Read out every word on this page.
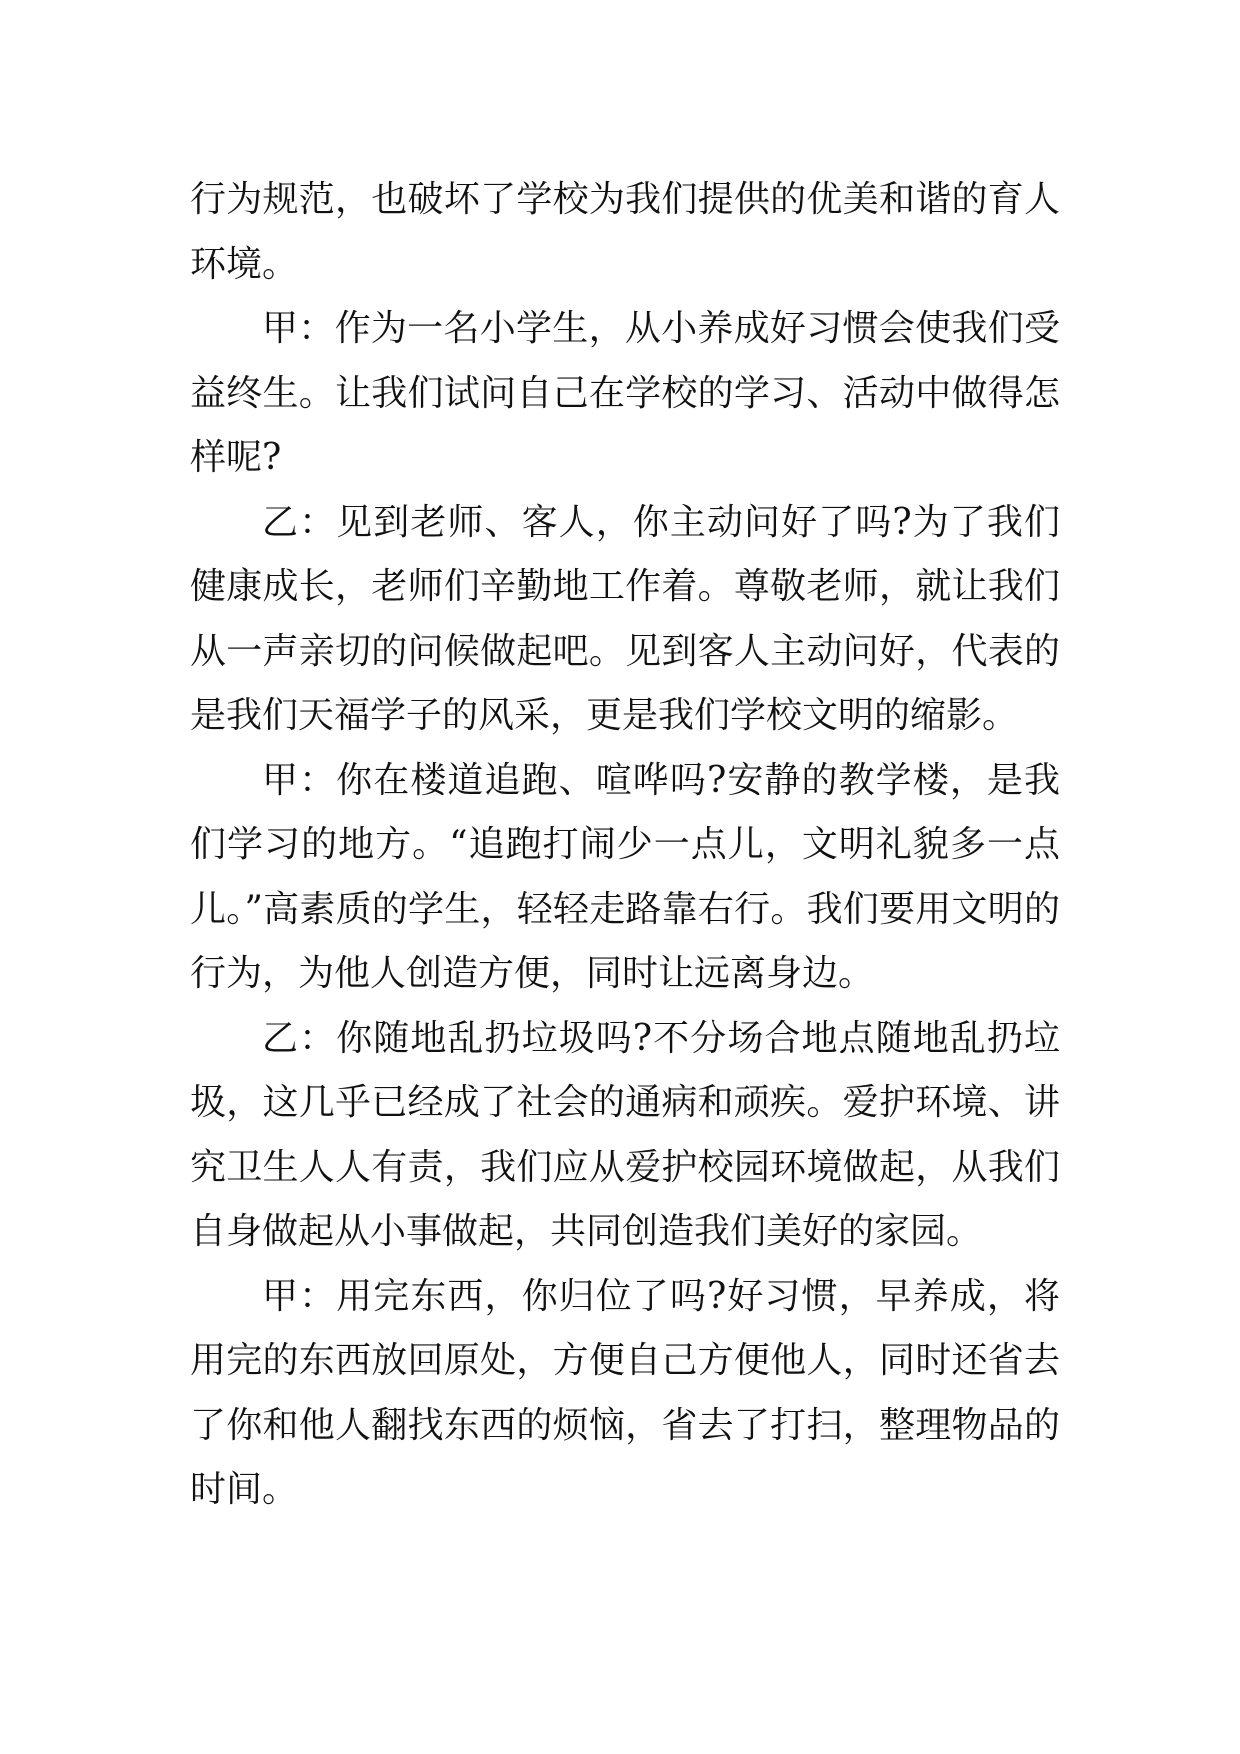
行为规范，也破坏了学校为我们提供的优美和谐的育人环境。

甲：作为一名小学生，从小养成好习惯会使我们受益终生。让我们试问自己在学校的学习、活动中做得怎样呢?

乙：见到老师、客人，你主动问好了吗?为了我们健康成长，老师们辛勤地工作着。尊敬老师，就让我们从一声亲切的问候做起吧。见到客人主动问好，代表的是我们天福学子的风采，更是我们学校文明的缩影。

甲：你在楼道追跑、喧哗吗?安静的教学楼，是我们学习的地方。“追跑打闹少一点儿，文明礼貌多一点儿。”高素质的学生，轻轻走路靠右行。我们要用文明的行为，为他人创造方便，同时让远离身边。

乙：你随地乱扔垃圾吗?不分场合地点随地乱扔垃圾，这几乎已经成了社会的通病和顽疾。爱护环境、讲究卫生人人有责，我们应从爱护校园环境做起，从我们自身做起从小事做起，共同创造我们美好的家园。

甲：用完东西，你归位了吗?好习惯，早养成，将用完的东西放回原处，方便自己方便他人，同时还省去了你和他人翻找东西的烦恼，省去了打扫，整理物品的时间。
